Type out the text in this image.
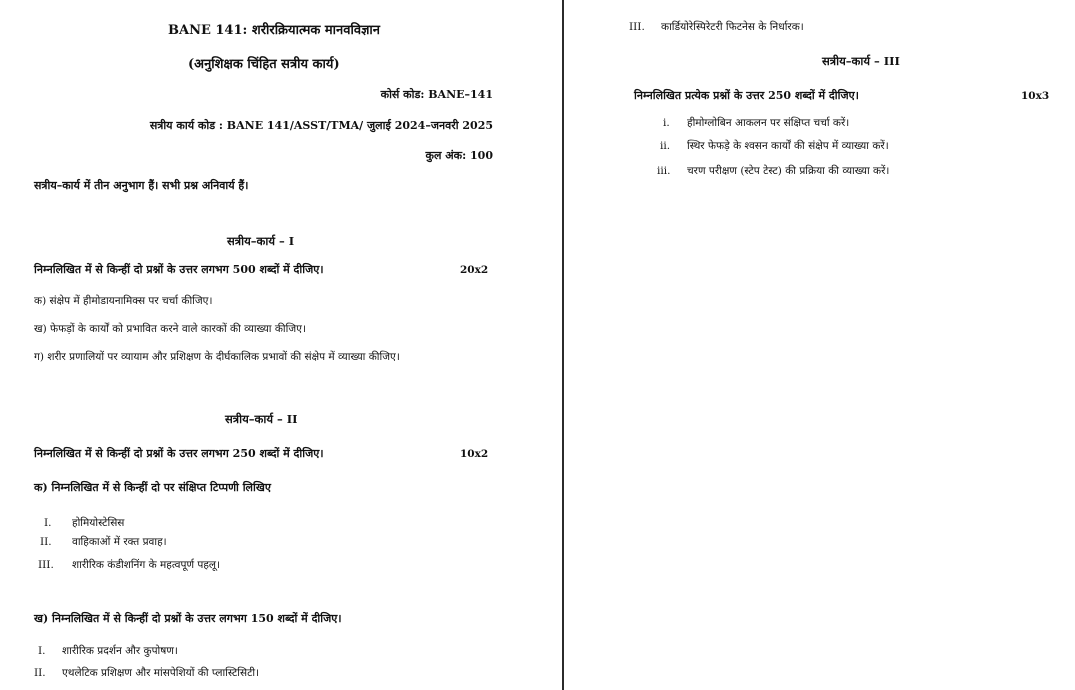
BANE 141: शरीरक्रियात्मक मानवविज्ञान
(अनुशिक्षक चिंहित सत्रीय कार्य)
कोर्स कोड: BANE–141
सत्रीय कार्य कोड : BANE 141/ASST/TMA/ जुलाई 2024–जनवरी 2025
कुल अंक: 100
सत्रीय–कार्य में तीन अनुभाग हैं। सभी प्रश्न अनिवार्य हैं।
सत्रीय–कार्य – I
निम्नलिखित में से किन्हीं दो प्रश्नों के उत्तर लगभग 500 शब्दों में दीजिए।	20x2
क) संक्षेप में हीमोडायनामिक्स पर चर्चा कीजिए।
ख) फेफड़ों के कार्यों को प्रभावित करने वाले कारकों की व्याख्या कीजिए।
ग) शरीर प्रणालियों पर व्यायाम और प्रशिक्षण के दीर्घकालिक प्रभावों की संक्षेप में व्याख्या कीजिए।
सत्रीय–कार्य – II
निम्नलिखित में से किन्हीं दो प्रश्नों के उत्तर लगभग 250 शब्दों में दीजिए।	10x2
क) निम्नलिखित में से किन्हीं दो पर संक्षिप्त टिप्पणी लिखिए
I. होमियोस्टेसिस
II. वाहिकाओं में रक्त प्रवाह।
III. शारीरिक कंडीशनिंग के महत्वपूर्ण पहलू।
ख) निम्नलिखित में से किन्हीं दो प्रश्नों के उत्तर लगभग 150 शब्दों में दीजिए।
I. शारीरिक प्रदर्शन और कुपोषण।
II. एथलेटिक प्रशिक्षण और मांसपेशियों की प्लास्टिसिटी।
III. कार्डियोरेस्पिरेटरी फिटनेस के निर्धारक।
सत्रीय–कार्य – III
निम्नलिखित प्रत्येक प्रश्नों के उत्तर 250 शब्दों में दीजिए।	10x3
i. हीमोग्लोबिन आकलन पर संक्षिप्त चर्चा करें।
ii. स्थिर फेफड़े के श्वसन कार्यों की संक्षेप में व्याख्या करें।
iii. चरण परीक्षण (स्टेप टेस्ट) की प्रक्रिया की व्याख्या करें।
